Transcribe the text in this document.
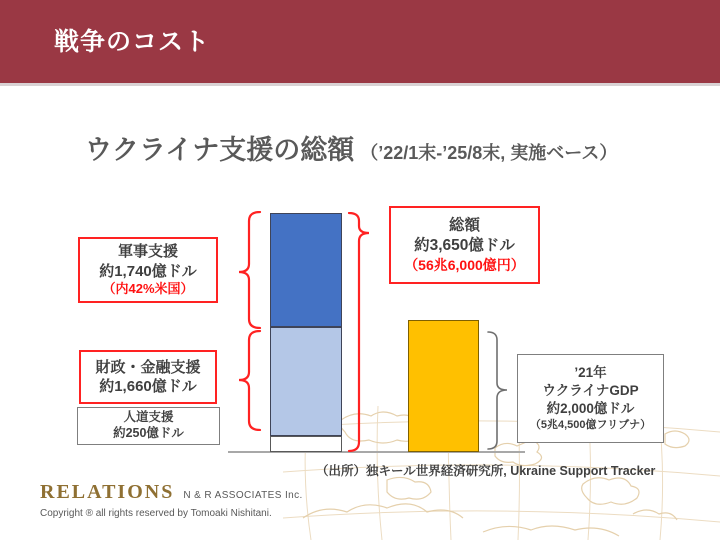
戦争のコスト
ウクライナ支援の総額 （’22/1末-’25/8末, 実施ベース）
軍事支援
約1,740億ドル
（内42%米国）
財政・金融支援
約1,660億ドル
人道支援
約250億ドル
総額
約3,650億ドル
（56兆6,000億円）
’21年
ウクライナGDP
約2,000億ドル
（5兆4,500億フリブナ）
（出所）独キール世界経済研究所, Ukraine Support Tracker
RELATIONS N & R ASSOCIATES Inc.
Copyright ® all rights reserved by Tomoaki Nishitani.
